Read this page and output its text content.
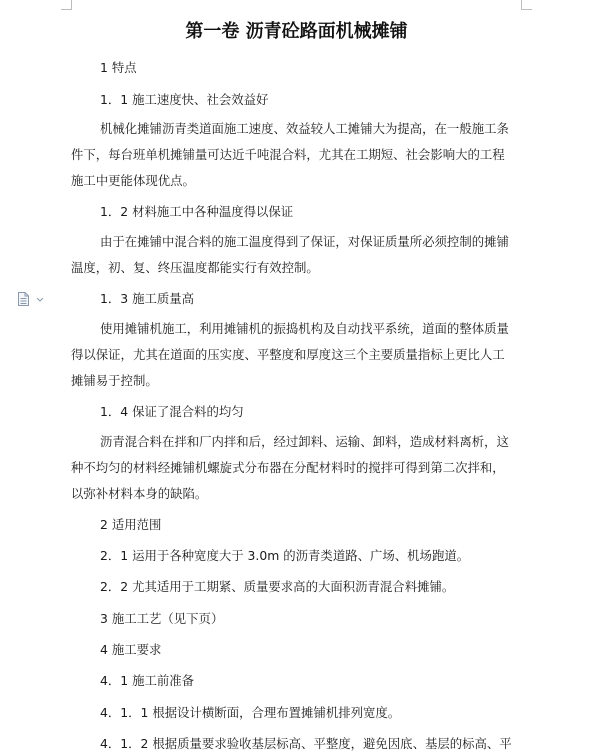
第一卷 沥青砼路面机械摊铺
1 特点
1．1 施工速度快、社会效益好
机械化摊铺沥青类道面施工速度、效益较人工摊铺大为提高，在一般施工条
件下，每台班单机摊铺量可达近千吨混合料，尤其在工期短、社会影响大的工程
施工中更能体现优点。
1．2 材料施工中各种温度得以保证
由于在摊铺中混合料的施工温度得到了保证，对保证质量所必须控制的摊铺
温度，初、复、终压温度都能实行有效控制。
1．3 施工质量高
使用摊铺机施工，利用摊铺机的振捣机构及自动找平系统，道面的整体质量
得以保证，尤其在道面的压实度、平整度和厚度这三个主要质量指标上更比人工
摊铺易于控制。
1．4 保证了混合料的均匀
沥青混合料在拌和厂内拌和后，经过卸料、运输、卸料，造成材料离析，这
种不均匀的材料经摊铺机螺旋式分布器在分配材料时的搅拌可得到第二次拌和，
以弥补材料本身的缺陷。
2 适用范围
2．1 运用于各种宽度大于 3.0m 的沥青类道路、广场、机场跑道。
2．2 尤其适用于工期紧、质量要求高的大面积沥青混合料摊铺。
3 施工工艺（见下页）
4 施工要求
4．1 施工前准备
4．1．1 根据设计横断面，合理布置摊铺机排列宽度。
4．1．2 根据质量要求验收基层标高、平整度，避免因底、基层的标高、平
